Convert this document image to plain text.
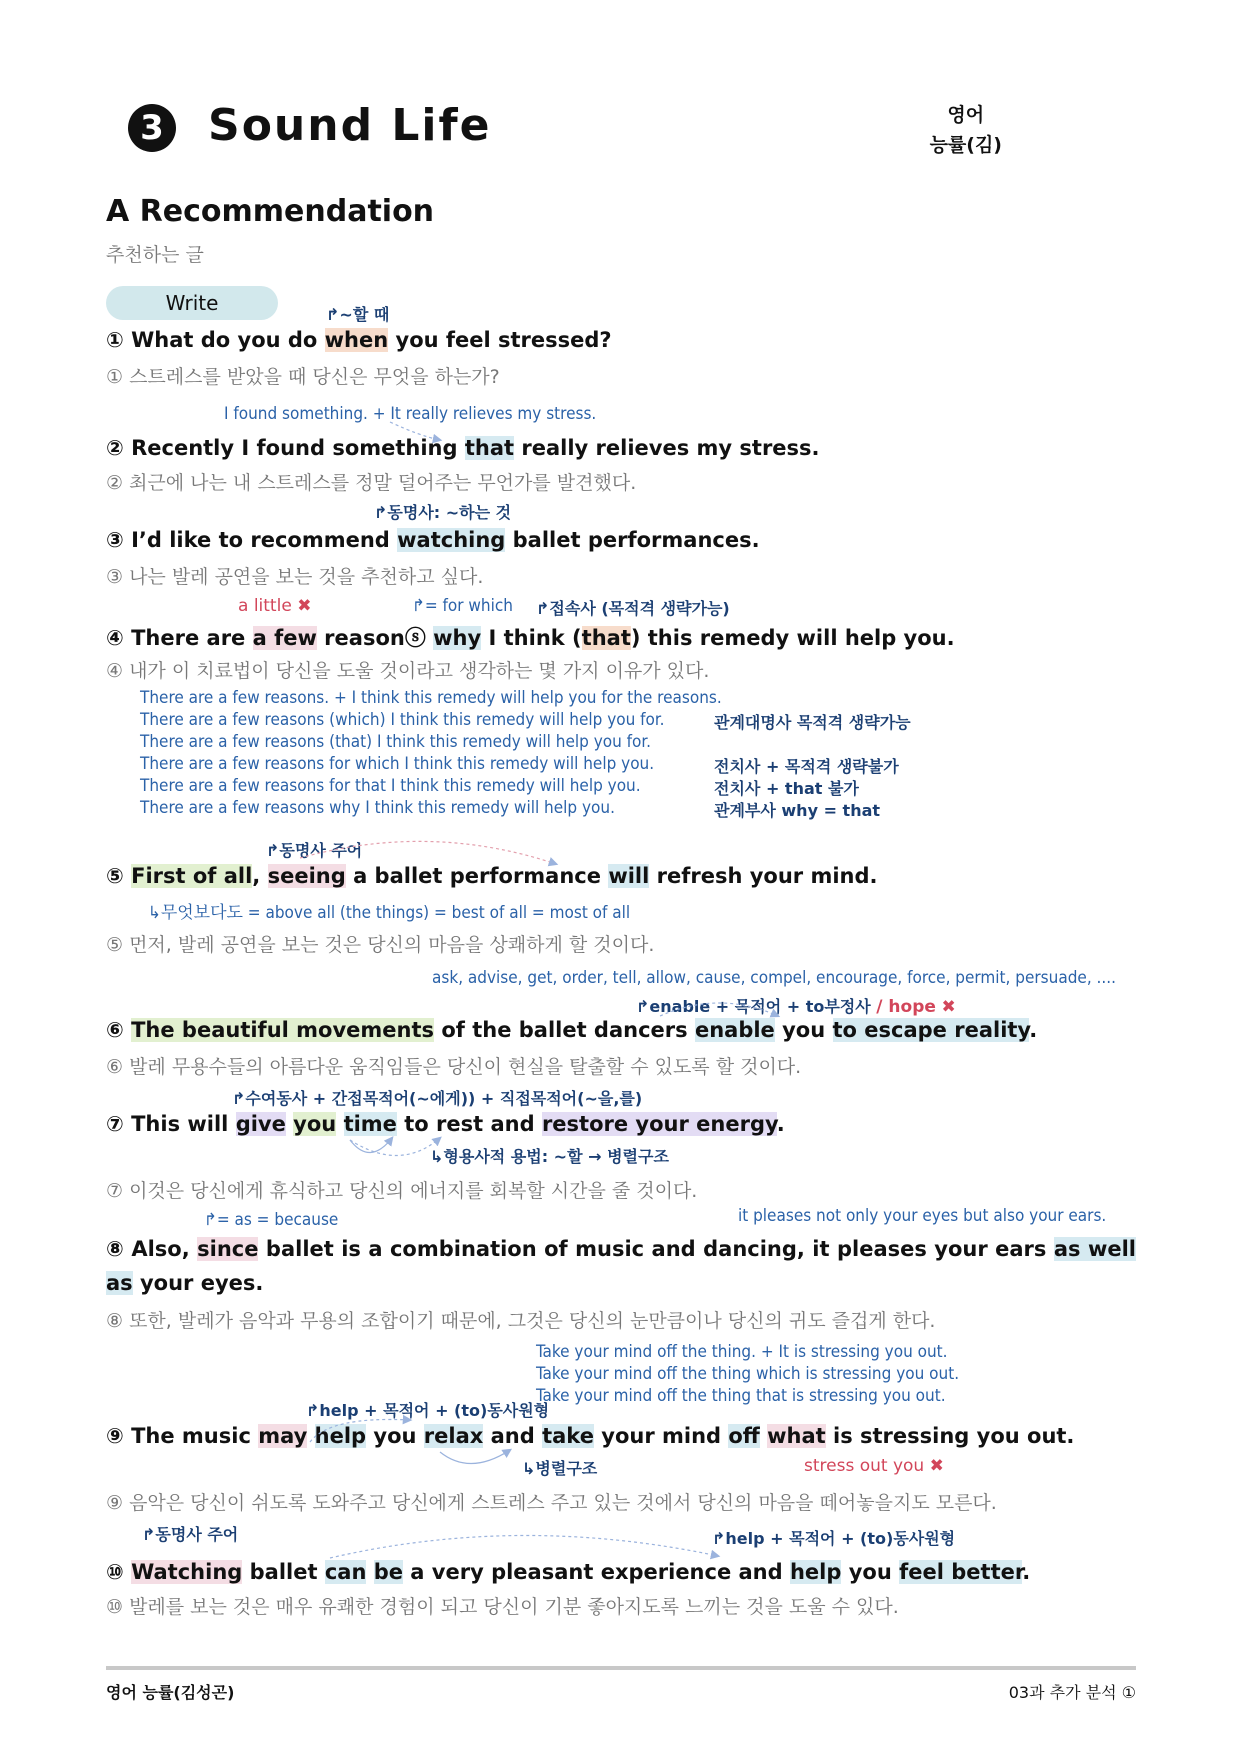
3 Sound Life	영어
능률(김)
A Recommendation
추천하는 글
Write	↱~할 때
① What do you do when you feel stressed?
① 스트레스를 받았을 때 당신은 무엇을 하는가?
I found something. + It really relieves my stress.
② Recently I found something that really relieves my stress.
② 최근에 나는 내 스트레스를 정말 덜어주는 무언가를 발견했다.
↱동명사: ~하는 것
③ I’d like to recommend watching ballet performances.
③ 나는 발레 공연을 보는 것을 추천하고 싶다.
a little ✖	↱= for which ↱접속사 (목적격 생략가능)
④ There are a few reasonⓢ why I think (that) this remedy will help you.
④ 내가 이 치료법이 당신을 도울 것이라고 생각하는 몇 가지 이유가 있다.
There are a few reasons. + I think this remedy will help you for the reasons.
There are a few reasons (which) I think this remedy will help you for.
There are a few reasons (that) I think this remedy will help you for.
There are a few reasons for which I think this remedy will help you.
There are a few reasons for that I think this remedy will help you.
There are a few reasons why I think this remedy will help you.
관계대명사 목적격 생략가능
전치사 + 목적격 생략불가
전치사 + that 불가
관계부사 why = that
↱동명사 주어
⑤ First of all, seeing a ballet performance will refresh your mind.
↳무엇보다도 = above all (the things) = best of all = most of all
⑤ 먼저, 발레 공연을 보는 것은 당신의 마음을 상쾌하게 할 것이다.
ask, advise, get, order, tell, allow, cause, compel, encourage, force, permit, persuade, ....
↱enable + 목적어 + to부정사 / hope ✖
⑥ The beautiful movements of the ballet dancers enable you to escape reality.
⑥ 발레 무용수들의 아름다운 움직임들은 당신이 현실을 탈출할 수 있도록 할 것이다.
↱수여동사 + 간접목적어(~에게)) + 직접목적어(~을,를)
⑦ This will give you time to rest and restore your energy.
↳형용사적 용법: ~할 → 병렬구조
⑦ 이것은 당신에게 휴식하고 당신의 에너지를 회복할 시간을 줄 것이다.
↱= as = because	it pleases not only your eyes but also your ears.
⑧ Also, since ballet is a combination of music and dancing, it pleases your ears as well as your eyes.
⑧ 또한, 발레가 음악과 무용의 조합이기 때문에, 그것은 당신의 눈만큼이나 당신의 귀도 즐겁게 한다.
Take your mind off the thing. + It is stressing you out.
Take your mind off the thing which is stressing you out.
Take your mind off the thing that is stressing you out.
↱help + 목적어 + (to)동사원형
⑨ The music may help you relax and take your mind off what is stressing you out.
↳병렬구조	stress out you ✖
⑨ 음악은 당신이 쉬도록 도와주고 당신에게 스트레스 주고 있는 것에서 당신의 마음을 떼어놓을지도 모른다.
↱동명사 주어	↱help + 목적어 + (to)동사원형
⑩ Watching ballet can be a very pleasant experience and help you feel better.
⑩ 발레를 보는 것은 매우 유쾌한 경험이 되고 당신이 기분 좋아지도록 느끼는 것을 도울 수 있다.
영어 능률(김성곤)	03과 추가 분석 ①
